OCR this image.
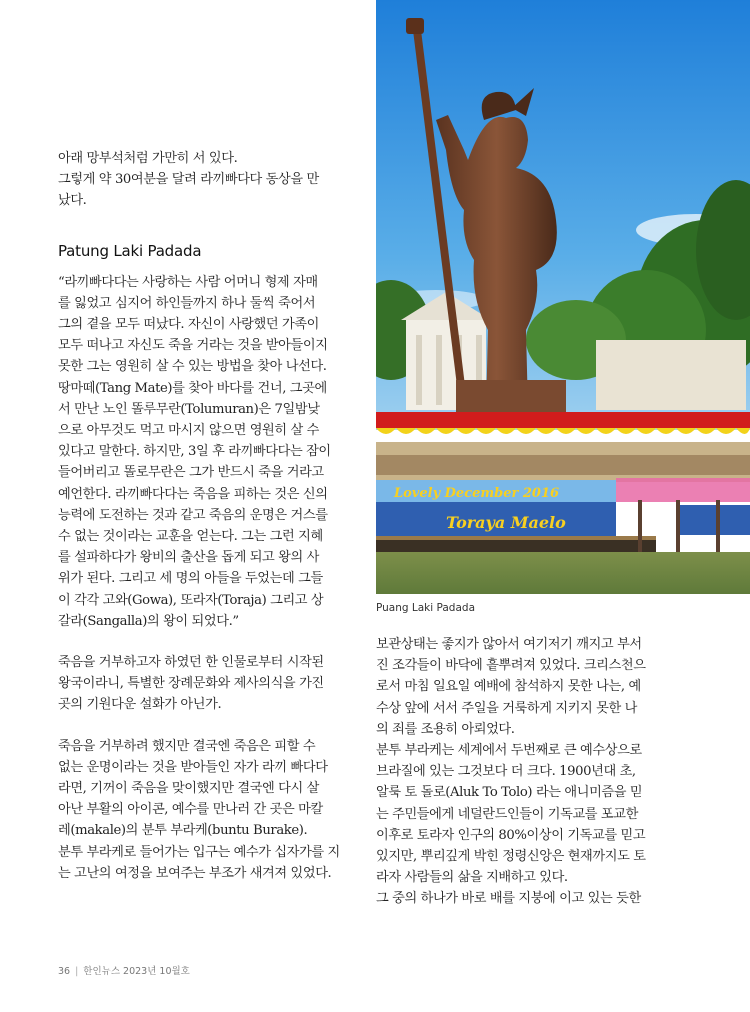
아래 망부석처럼 가만히 서 있다.
그렇게 약 30여분을 달려 라끼빠다다 동상을 만
났다.
Patung Laki Padada
“라끼빠다다는 사랑하는 사람 어머니 형제 자매
를 잃었고 심지어 하인들까지 하나 둘씩 죽어서
그의 곁을 모두 떠났다. 자신이 사랑했던 가족이
모두 떠나고 자신도 죽을 거라는 것을 받아들이지
못한 그는 영원히 살 수 있는 방법을 찾아 나선다.
땅마떼(Tang Mate)를 찾아 바다를 건너, 그곳에
서 만난 노인 똘루무란(Tolumuran)은 7일밤낮
으로 아무것도 먹고 마시지 않으면 영원히 살 수
있다고 말한다. 하지만, 3일 후 라끼빠다다는 잠이
들어버리고 똘로무란은 그가 반드시 죽을 거라고
예언한다. 라끼빠다다는 죽음을 피하는 것은 신의
능력에 도전하는 것과 같고 죽음의 운명은 거스를
수 없는 것이라는 교훈을 얻는다. 그는 그런 지혜
를 설파하다가 왕비의 출산을 돕게 되고 왕의 사
위가 된다. 그리고 세 명의 아들을 두었는데 그들
이 각각 고와(Gowa), 또라자(Toraja) 그리고 상
갈라(Sangalla)의 왕이 되었다.”
죽음을 거부하고자 하였던 한 인물로부터 시작된
왕국이라니, 특별한 장례문화와 제사의식을 가진
곳의 기원다운 설화가 아닌가.
죽음을 거부하려 했지만 결국엔 죽음은 피할 수
없는 운명이라는 것을 받아들인 자가 라끼 빠다다
라면, 기꺼이 죽음을 맞이했지만 결국엔 다시 살
아난 부활의 아이콘, 예수를 만나러 간 곳은 마칼
레(makale)의 분투 부라케(buntu Burake).
분투 부라케로 들어가는 입구는 예수가 십자가를 지
는 고난의 여정을 보여주는 부조가 새겨져 있었다.
Lovely December 2016
Toraya Maelo
Puang Laki Padada
보관상태는 좋지가 않아서 여기저기 깨지고 부서
진 조각들이 바닥에 흩뿌려져 있었다. 크리스천으
로서 마침 일요일 예배에 참석하지 못한 나는, 예
수상 앞에 서서 주일을 거룩하게 지키지 못한 나
의 죄를 조용히 아뢰었다.
분투 부라케는 세계에서 두번째로 큰 예수상으로
브라질에 있는 그것보다 더 크다. 1900년대 초,
알룩 토 돌로(Aluk To Tolo) 라는 애니미즘을 믿
는 주민들에게 네덜란드인들이 기독교를 포교한
이후로 토라자 인구의 80%이상이 기독교를 믿고
있지만, 뿌리깊게 박힌 정령신앙은 현재까지도 토
라자 사람들의 삶을 지배하고 있다.
그 중의 하나가 바로 배를 지붕에 이고 있는 듯한
36 | 한인뉴스 2023년 10월호
